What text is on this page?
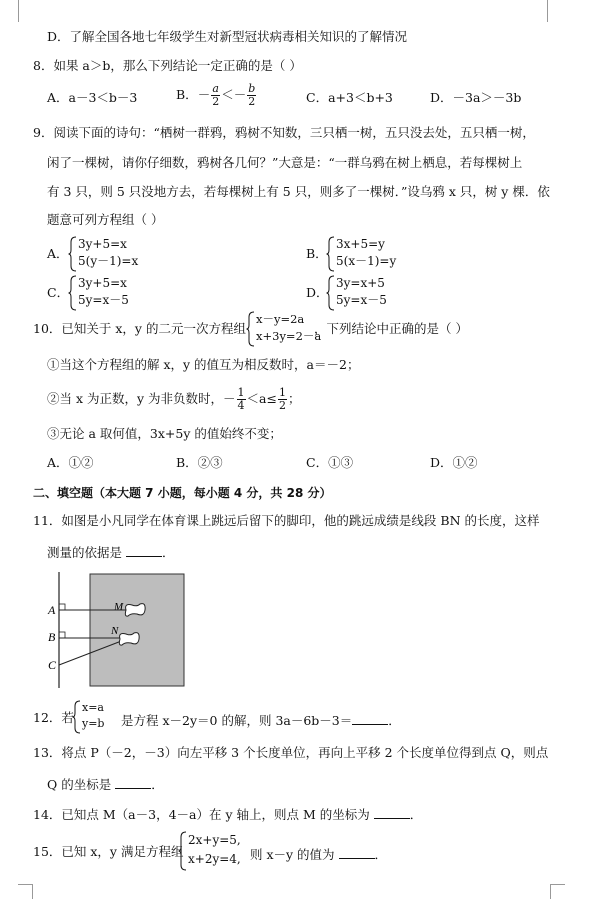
D．了解全国各地七年级学生对新型冠状病毒相关知识的了解情况
8．如果 a＞b，那么下列结论一定正确的是（ ）
A．a－3＜b－3	B．－ $\frac{a}{2} <- \frac{b}{2}$	C．a+3＜b+3	D．－3a＞－3b
9．阅读下面的诗句：“栖树一群鸦，鸦树不知数，三只栖一树，五只没去处，五只栖一树，
闲了一棵树，请你仔细数，鸦树各几何？”大意是：“一群乌鸦在树上栖息，若每棵树上
有 3 只，则 5 只没地方去，若每棵树上有 5 只，则多了一棵树．”设乌鸦 x 只，树 y 棵．依
题意可列方程组（ ）
A．
3y+5=x
5(y－1)=x	B．
3x+5=y
5(x－1)=y
C．
3y+5=x
5y=x－5	D．
3y=x+5
5y=x－5
10．已知关于 x，y 的二元一次方程组
x－y=2a
x+3y=2－a
，下列结论中正确的是（ ）
①当这个方程组的解 x，y 的值互为相反数时，a＝－2；
②当 x 为正数，y 为非负数时，－ $\frac{1}{4} <a\le \frac{1}{2}$ ；
③无论 a 取何值，3x+5y 的值始终不变；
A．①②	B．②③	C．①③	D．①②
二、填空题（本大题 7 小题，每小题 4 分，共 28 分）
11．如图是小凡同学在体育课上跳远后留下的脚印，他的跳远成绩是线段 BN 的长度，这样
测量的依据是	．
A
B
C
M
N
12．若
x=a
y=b 是方程 x－2y＝0 的解，则 3a－6b－3＝	．
13．将点 P（－2，－3）向左平移 3 个长度单位，再向上平移 2 个长度单位得到点 Q，则点
Q 的坐标是	．
14．已知点 M（a－3，4－a）在 y 轴上，则点 M 的坐标为	．
15．已知 x，y 满足方程组
2x+y=5,
x+2y=4, 则 x－y 的值为	．
